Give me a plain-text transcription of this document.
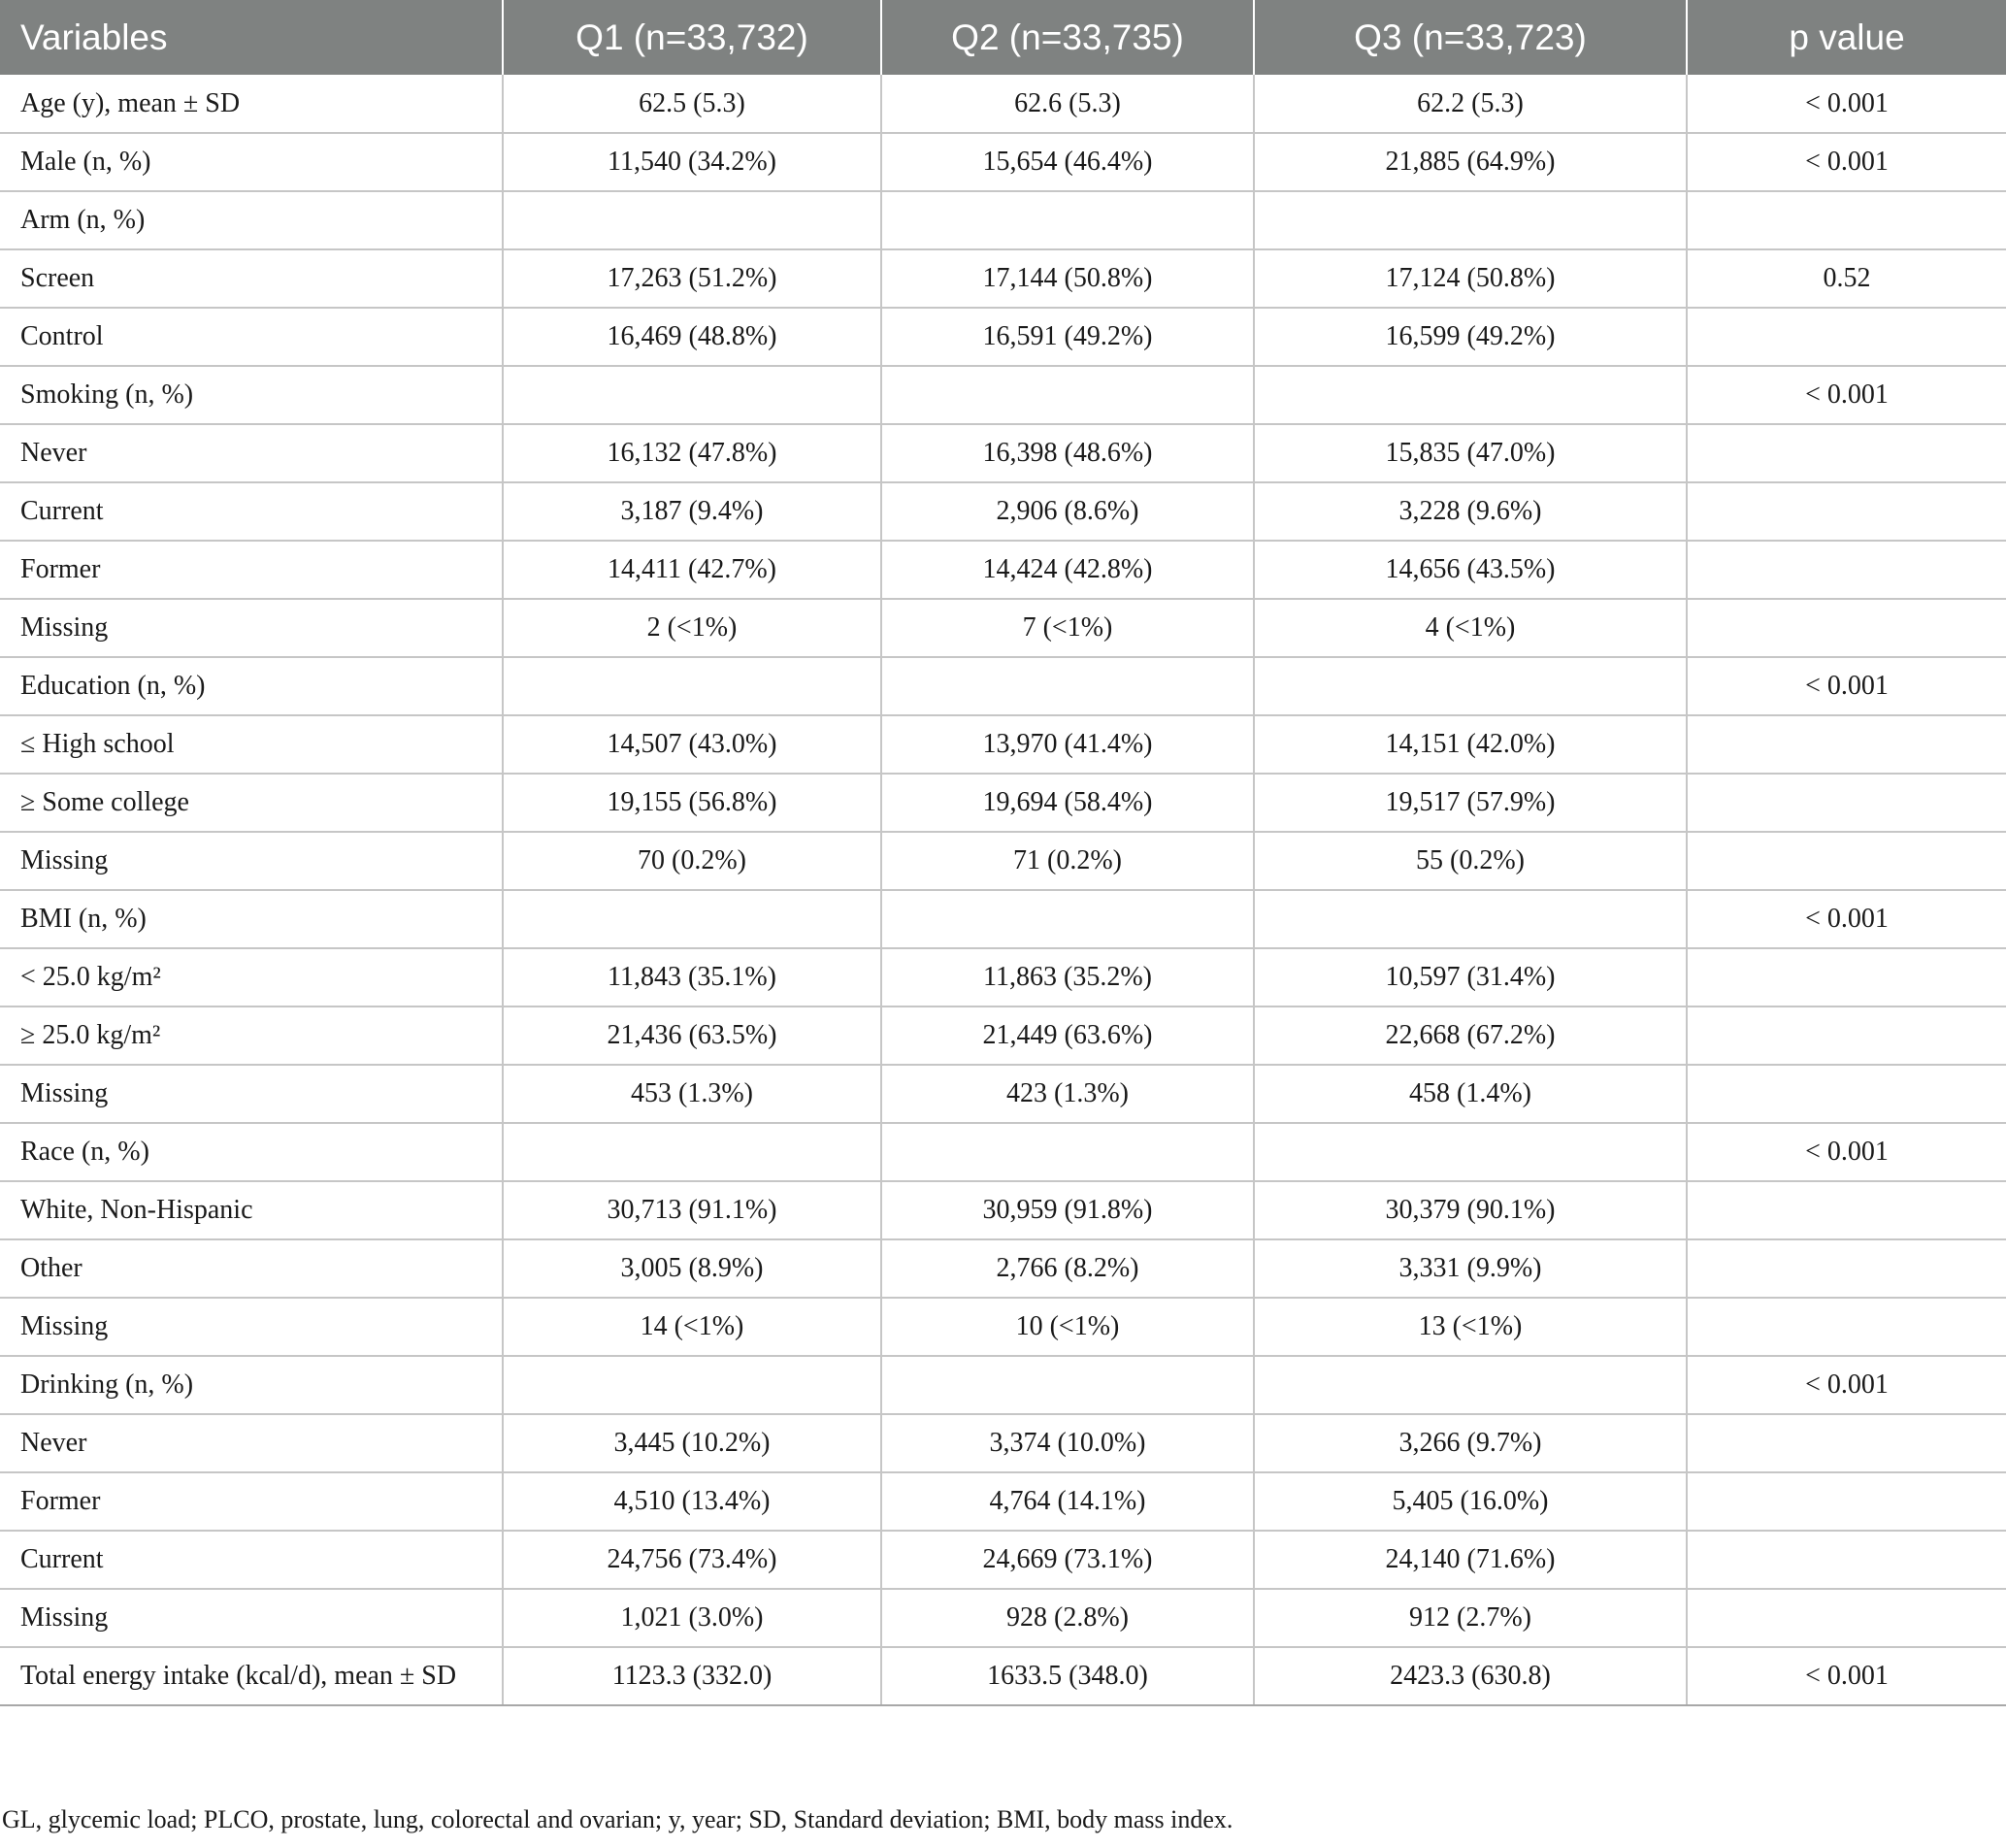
Variables	Q1 (n=33,732)	Q2 (n=33,735)	Q3 (n=33,723)	p value
Age (y), mean ± SD	62.5 (5.3)	62.6 (5.3)	62.2 (5.3)	< 0.001
Male (n, %)	11,540 (34.2%)	15,654 (46.4%)	21,885 (64.9%)	< 0.001
Arm (n, %)				
Screen	17,263 (51.2%)	17,144 (50.8%)	17,124 (50.8%)	0.52
Control	16,469 (48.8%)	16,591 (49.2%)	16,599 (49.2%)	
Smoking (n, %)				< 0.001
Never	16,132 (47.8%)	16,398 (48.6%)	15,835 (47.0%)	
Current	3,187 (9.4%)	2,906 (8.6%)	3,228 (9.6%)	
Former	14,411 (42.7%)	14,424 (42.8%)	14,656 (43.5%)	
Missing	2 (<1%)	7 (<1%)	4 (<1%)	
Education (n, %)				< 0.001
≤ High school	14,507 (43.0%)	13,970 (41.4%)	14,151 (42.0%)	
≥ Some college	19,155 (56.8%)	19,694 (58.4%)	19,517 (57.9%)	
Missing	70 (0.2%)	71 (0.2%)	55 (0.2%)	
BMI (n, %)				< 0.001
< 25.0 kg/m²	11,843 (35.1%)	11,863 (35.2%)	10,597 (31.4%)	
≥ 25.0 kg/m²	21,436 (63.5%)	21,449 (63.6%)	22,668 (67.2%)	
Missing	453 (1.3%)	423 (1.3%)	458 (1.4%)	
Race (n, %)				< 0.001
White, Non-Hispanic	30,713 (91.1%)	30,959 (91.8%)	30,379 (90.1%)	
Other	3,005 (8.9%)	2,766 (8.2%)	3,331 (9.9%)	
Missing	14 (<1%)	10 (<1%)	13 (<1%)	
Drinking (n, %)				< 0.001
Never	3,445 (10.2%)	3,374 (10.0%)	3,266 (9.7%)	
Former	4,510 (13.4%)	4,764 (14.1%)	5,405 (16.0%)	
Current	24,756 (73.4%)	24,669 (73.1%)	24,140 (71.6%)	
Missing	1,021 (3.0%)	928 (2.8%)	912 (2.7%)	
Total energy intake (kcal/d), mean ± SD	1123.3 (332.0)	1633.5 (348.0)	2423.3 (630.8)	< 0.001
GL, glycemic load; PLCO, prostate, lung, colorectal and ovarian; y, year; SD, Standard deviation; BMI, body mass index.
